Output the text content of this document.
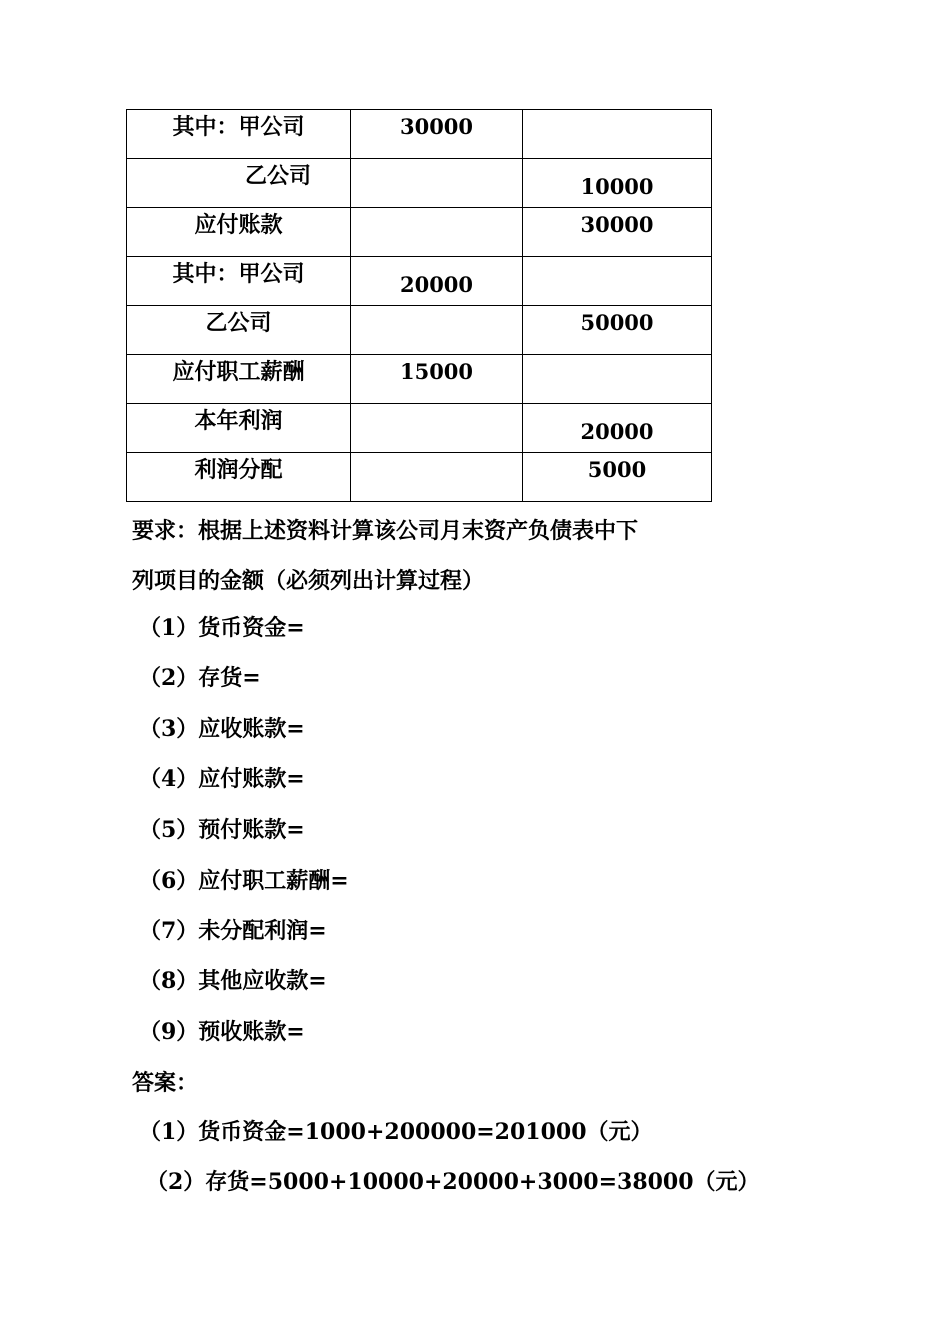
其中：甲公司	30000	

乙公司		10000

应付账款		30000

其中：甲公司	20000	

乙公司		50000

应付职工薪酬	15000	

本年利润		20000

利润分配		5000
要求：根据上述资料计算该公司月末资产负债表中下
列项目的金额（必须列出计算过程）
（1）货币资金=
（2）存货=
（3）应收账款=
（4）应付账款=
（5）预付账款=
（6）应付职工薪酬=
（7）未分配利润=
（8）其他应收款=
（9）预收账款=
答案：
（1）货币资金=1000+200000=201000（元）
（2）存货=5000+10000+20000+3000=38000（元）
